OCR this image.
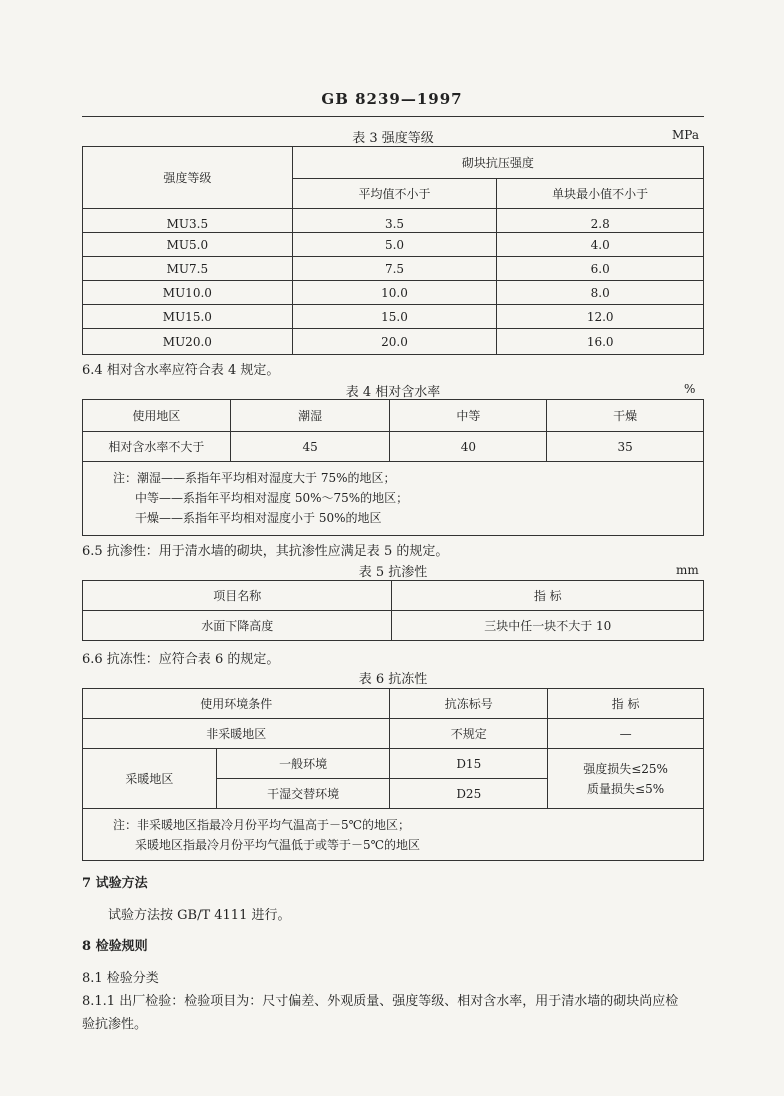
GB 8239—1997
表 3 强度等级	MPa
强度等级	砌块抗压强度	
	平均值不小于	单块最小值不小于
MU3.5	3.5	2.8
MU5.0	5.0	4.0
MU7.5	7.5	6.0
MU10.0	10.0	8.0
MU15.0	15.0	12.0
MU20.0	20.0	16.0
6.4 相对含水率应符合表 4 规定。
表 4 相对含水率	%
使用地区	潮湿	中等	干燥
相对含水率不大于	45	40	35

注：潮湿——系指年平均相对湿度大于 75%的地区；
中等——系指年平均相对湿度 50%～75%的地区；
干燥——系指年平均相对湿度小于 50%的地区			
6.5 抗渗性：用于清水墙的砌块，其抗渗性应满足表 5 的规定。
表 5 抗渗性	mm
项目名称	指 标
水面下降高度	三块中任一块不大于 10
6.6 抗冻性：应符合表 6 的规定。
表 6 抗冻性
使用环境条件		抗冻标号	指 标
非采暖地区		不规定	—
采暖地区	一般环境	D15	强度损失≤25%
质量损失≤5%

	干湿交替环境	D25	

注：非采暖地区指最冷月份平均气温高于－5℃的地区；
采暖地区指最冷月份平均气温低于或等于－5℃的地区			
7 试验方法
试验方法按 GB/T 4111 进行。
8 检验规则
8.1 检验分类
8.1.1 出厂检验：检验项目为：尺寸偏差、外观质量、强度等级、相对含水率，用于清水墙的砌块尚应检
验抗渗性。
